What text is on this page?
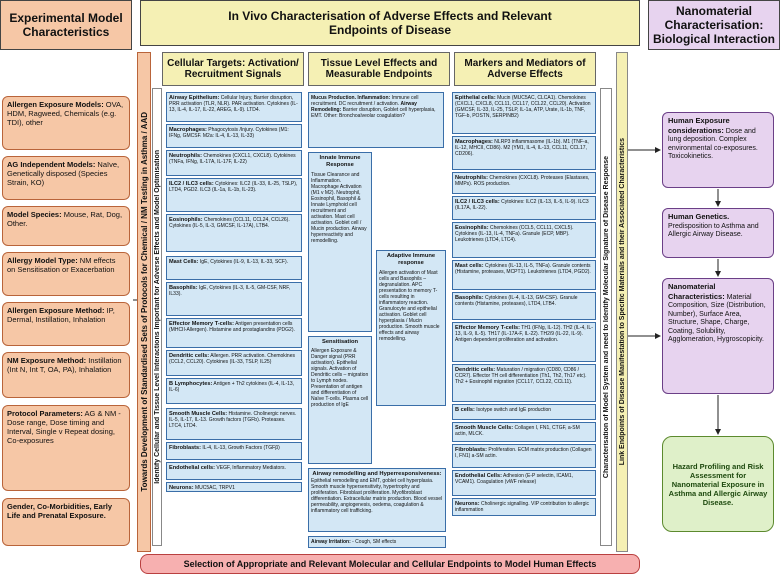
Experimental Model Characteristics
In Vivo Characterisation of Adverse Effects and Relevant Endpoints of Disease
Nanomaterial Characterisation: Biological Interaction
Cellular Targets: Activation/ Recruitment Signals
Tissue Level Effects and Measurable Endpoints
Markers and Mediators of Adverse Effects
Allergen Exposure Models: OVA, HDM, Ragweed, Chemicals (e.g. TDI), other
AG Independent Models: Naïve, Genetically disposed (Species Strain, KO)
Model Species: Mouse, Rat, Dog, Other.
Allergy Model Type: NM effects on Sensitisation or Exacerbation
Allergen Exposure Method: IP, Dermal, Instillation, Inhalation
NM Exposure Method: Instillation (Int N, Int T, OA, PA), Inhalation
Protocol Parameters: AG & NM - Dose range, Dose timing and Interval, Single v Repeat dosing, Co-exposures
Gender, Co-Morbidities, Early Life and Prenatal Exposure.
Towards Development of Standardised Sets of Protocols for Chemical / NM Testing in Asthma / AAD Identify Cellular and Tissue Level Interactions Important for Adverse Effects and Model Optimisation	Characterisation of Model System and need to Identify Molecular Signature of Disease Response Link Endpoints of Disease Manifestation to Specific Materials and their Associated Characteristics
Airway Epithelium: Cellular Injury, Barrier disruption, PRR activation (TLR, NLR). PAR activation. Cytokines (IL-13, IL-4, IL-17, IL-22, AREG, IL-9). LTD4.
Macrophages: Phagocytosis /Injury. Cytokines (M1: IFNg, GMCSF. M2a: IL-4, IL-13, IL-33)
Neutrophils: Chemokines (CXCL1, CXCL8). Cytokines (TNFa, IFNg, IL-17A, IL-17F, IL-22)
ILC2 / ILC3 cells: Cytokines: ILC2 (IL-33, IL-25, TSLP), LTD4, PGD2. ILC3 (IL-1a, IL-1b, IL-23).
Eosinophils: Chemokines (CCL11, CCL24, CCL26). Cytokines (IL-5, IL-3, GMCSF, IL-17A), LTB4.
Mast Cells: IgE, Cytokines (IL-9, IL-13, IL-33, SCF).
Basophils: IgE, Cytokines (IL-3, IL-5, GM-CSF, NRF, IL33).
Effector Memory T-cells: Antigen presentation cells (MHCII-Allergen). Histamine and prostaglandins (PDG2).
Dendritic cells: Allergen. PRR activation. Chemokines (CCL2, CCL20). Cytokines (IL-33, TSLP, IL25)
B Lymphocytes: Antigen + Th2 cytokines (IL-4, IL-13, IL-6)
Smooth Muscle Cells: Histamine. Cholinergic nerves. IL-5, IL-17, IL-13. Growth factors (TGFb). Proteases. LTC4, LTD4.
Fibroblasts: IL-4, IL-13, Growth Factors (TGFβ)
Endothelial cells: VEGF, Inflammatory Mediators.
Neurons: MUC5AC, TRPV1
Mucus Production. Inflammation: Immune cell recruitment. DC recruitment / activation. Airway Remodeling: Barrier disruption, Goblet cell hyperplasia, EMT. Other: Bronchoalveolar coagulation?
Innate Immune Response
Tissue Clearance and Inflammation. Macrophage Activation (M1 v M2). Neutrophil, Eosinophil, Basophil & Innate Lymphoid cell recruitment and activation. Mast cell activation. Goblet cell / Mucin production. Airway hyperreactivity and remodelling.
Adaptive Immune response
Allergen activation of Mast cells and Basophils – degranulation. APC presentation to memory T-cells resulting in inflammatory reaction. Granulocyte and epithelial activation. Goblet cell hyperplasia / Mucin production. Smooth muscle effects and airway remodelling.
Sensitisation
Allergen Exposure & Danger signal (PRR activation). Epithelial signals. Activation of Dendritic cells – migration to Lymph nodes. Presentation of antigen and differentiation of Naïve T-cells. Plasma cell production of IgE
Airway remodelling and Hyperresponsiveness:
Epithelial remodelling and EMT, goblet cell hyperplasia. Smooth muscle hypersensitivity, hypertrophy and proliferation. Fibroblast proliferation. Myofibroblast differentiation. Extracellular matrix production. Blood vessel permeability, angiogenesis, oedema, coagulation & inflammatory cell trafficking.
Airway Irritation: - Cough, SM effects
Epithelial cells: Mucin (MUC5AC, CLCA1). Chemokines (CXCL1, CXCL8, CCL11, CCL17, CCL22, CCL20). Activation (GMCSF, IL-33, IL-25, TSLP, IL-1a, ATP, Urate, IL-1b, TNF, TGF-b, POSTN, SERPINB2)
Macrophages: NLRP3 inflammasome (IL-1b). M1 (TNF-a, IL-12, MHCII, CD86). M2 (YM1, IL-4, IL-13, CCL11, CCL17, CD206).
Neutrophils: Chemokines (CXCL8). Proteases (Elastases, MMPs). ROS production.
ILC2 / ILC3 cells: Cytokines: ILC2 (IL-13, IL-5, IL-9). ILC3 (IL17A, IL-22).
Eosinophils: Chemokines (CCL5, CCL11, CXCL5). Cytokines (IL-13, IL-4, TNFa). Granule (ECP, MBP). Leukotrienes (LTD4, LTC4).
Mast cells: Cytokines (IL-13, IL-5, TNFa). Granule contents (Histamine, proteases, MCPT1). Leukotrienes (LTD4, PGD2).
Basophils: Cytokines (IL-4, IL-13, GM-CSF). Granule contents (Histamine, proteases), LTD4, LTB4.
Effector Memory T-cells: TH1 (IFNg, IL-12). TH2 (IL-4, IL-13, IL-9, IL-5). TH17 (IL-17A-F, IL-22). TH2/9 (IL-22, IL-9). Antigen dependent proliferation and activation.
Dendritic cells: Maturation / migration (CD80, CD86 / CCR7). Effector TH cell differentiation (Th1, Th2, Th17 etc). Th2 + Eosinophil migration (CCL17, CCL22, CCL11).
B cells: Isotype switch and IgE production
Smooth Muscle Cells: Collagen I, FN1, CTGF, a-SM actin, MLCK.
Fibroblasts: Proliferation. ECM matrix production (Collagen I, FN1) a-SM actin.
Endothelial Cells: Adhesion (E-P selectin, ICAM1, VCAM1). Coagulation (vWF release)
Neurons: Cholinergic signalling. VIP contribution to allergic inflammation
Human Exposure considerations: Dose and lung deposition. Complex environmental co-exposures. Toxicokinetics.
Human Genetics. Predisposition to Asthma and Allergic Airway Disease.
Nanomaterial Characteristics: Material Composition, Size (Distribution, Number), Surface Area, Structure, Shape, Charge, Coating, Solubility, Agglomeration, Hygroscopicity.
Hazard Profiling and Risk Assessment for Nanomaterial Exposure in Asthma and Allergic Airway Disease.
Selection of Appropriate and Relevant Molecular and Cellular Endpoints to Model Human Effects
